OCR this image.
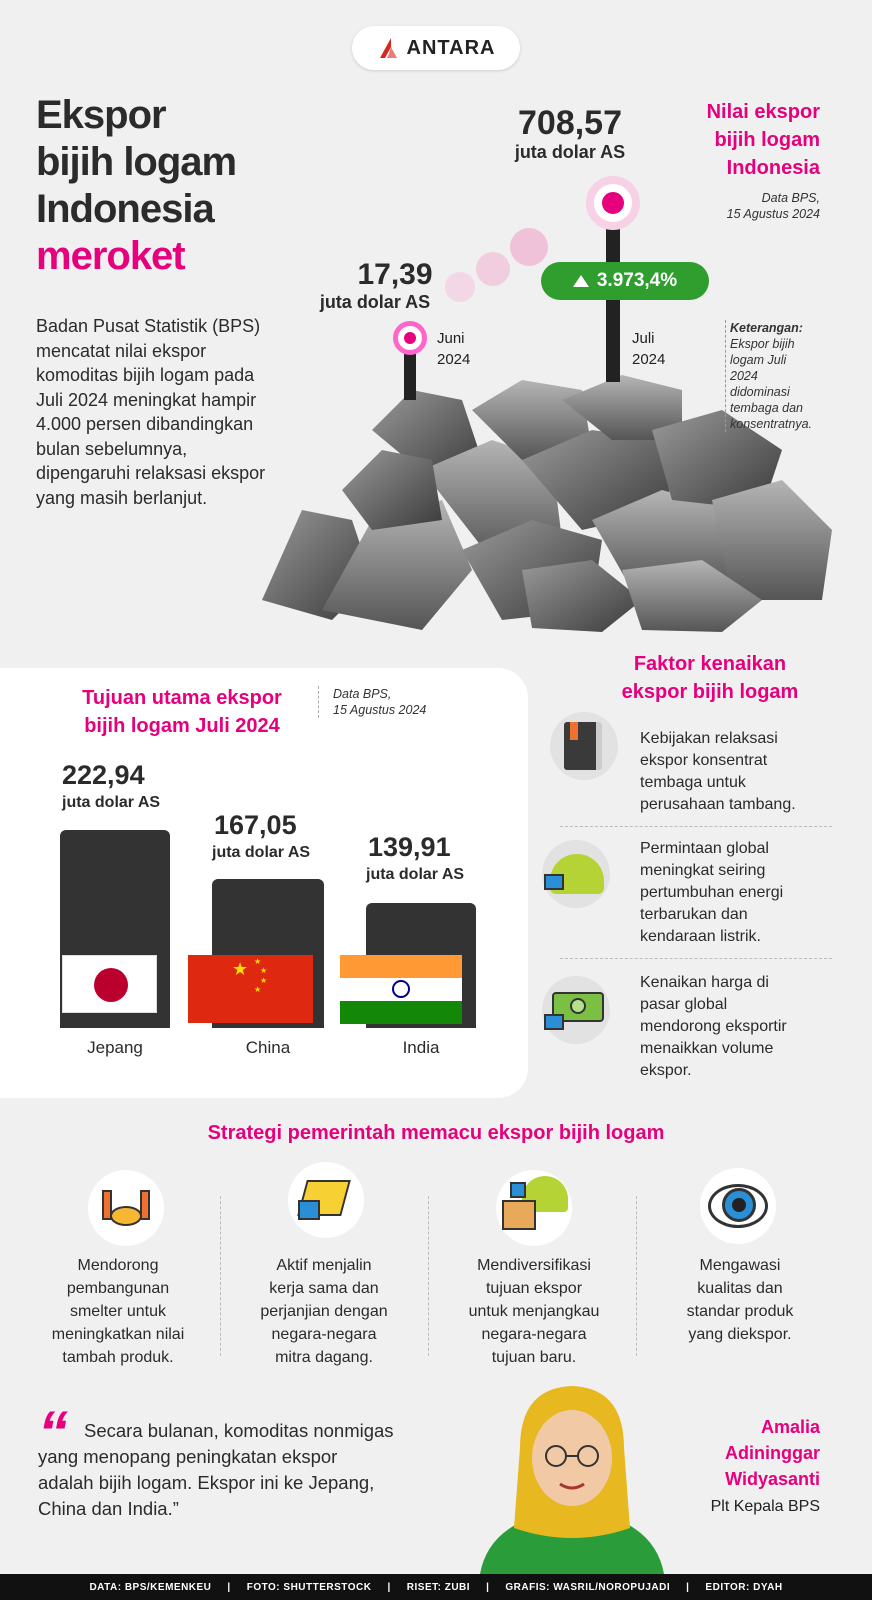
ANTARA
Ekspor
bijih logam
Indonesia
meroket
Badan Pusat Statistik (BPS) mencatat nilai ekspor komoditas bijih logam pada Juli 2024 meningkat hampir 4.000 persen dibandingkan bulan sebelumnya, dipengaruhi relaksasi ekspor yang masih berlanjut.
Nilai ekspor
bijih logam
Indonesia
Data BPS,
15 Agustus 2024
17,39
juta dolar AS
Juni
2024
708,57
juta dolar AS
Juli
2024
3.973,4%
Keterangan:
Ekspor bijih
logam Juli
2024
didominasi
tembaga dan
konsentratnya.
Tujuan utama ekspor
bijih logam Juli 2024
Data BPS,
15 Agustus 2024
222,94
juta dolar AS
Jepang
167,05
juta dolar AS
★ ★
★
★
★
China
139,91
juta dolar AS
India
Faktor kenaikan
ekspor bijih logam
Kebijakan relaksasi
ekspor konsentrat
tembaga untuk
perusahaan tambang.
Permintaan global
meningkat seiring
pertumbuhan energi
terbarukan dan
kendaraan listrik.
Kenaikan harga di
pasar global
mendorong eksportir
menaikkan volume
ekspor.
Strategi pemerintah memacu ekspor bijih logam
Mendorong
pembangunan
smelter untuk
meningkatkan nilai
tambah produk.
Aktif menjalin
kerja sama dan
perjanjian dengan
negara-negara
mitra dagang.
Mendiversifikasi
tujuan ekspor
untuk menjangkau
negara-negara
tujuan baru.
Mengawasi
kualitas dan
standar produk
yang diekspor.
“ Secara bulanan, komoditas nonmigas
yang menopang peningkatan ekspor
adalah bijih logam. Ekspor ini ke Jepang,
China dan India.”
Amalia
Adininggar
Widyasanti
Plt Kepala BPS
DATA: BPS/KEMENKEU | FOTO: SHUTTERSTOCK | RISET: ZUBI | GRAFIS: WASRIL/NOROPUJADI | EDITOR: DYAH
